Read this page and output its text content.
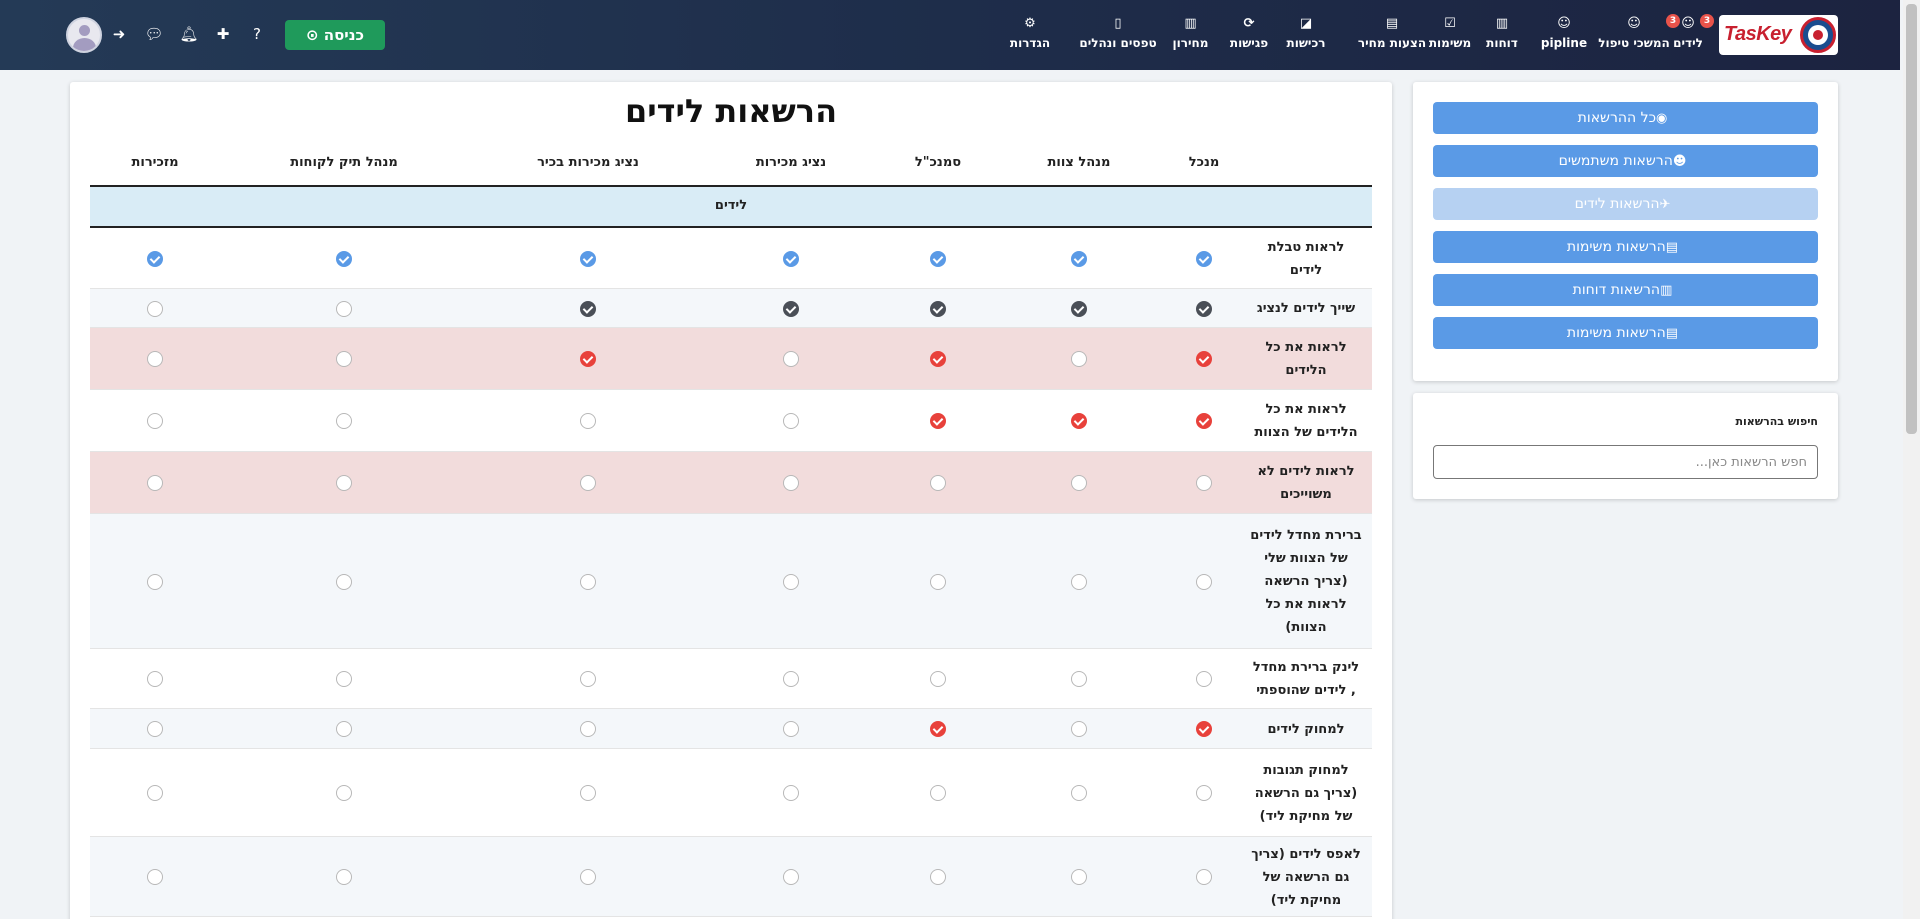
TasKey
☺
לידים
3
☺
המשכי טיפול
3
☺
pipline
▥
דוחות
☑
משימות
▤
הצעות מחיר
◪
רכישות
⟳
פגישות
▥
מחירון
▯
טפסים ונהלים
⚙
הגדרות
⊙ כניסה
?
✚
🔔︎
💬︎
➜
כל ההרשאות◉
הרשאות משתמשים☻
הרשאות לידים✈
הרשאות משימות▤
הרשאות דוחות▥
הרשאות משימות▤
חיפוש בהרשאות
חפש הרשאות כאן...
הרשאות לידים
לידים
מנכל
מנהל צוות
סמנכ"ל
נציג מכירות
נציג מכירות בכיר
מנהל תיק לקוחות
מזכירות
לראות טבלת לידים
שייך לידים לנציג
לראות את כל הלידים
לראות את כל הלידים של הצוות
לראות לידים לא משוייכים
ברירת מחדל לידים של הצוות שלי (צריך הרשאה לראות את כל הצוות)
לינק ברירת מחדל , לידים שהוספתי
למחוק לידים
למחוק תגובות (צריך גם הרשאה של מחיקת ליד)
לאפס לידים (צריך גם הרשאה של מחיקת ליד)
